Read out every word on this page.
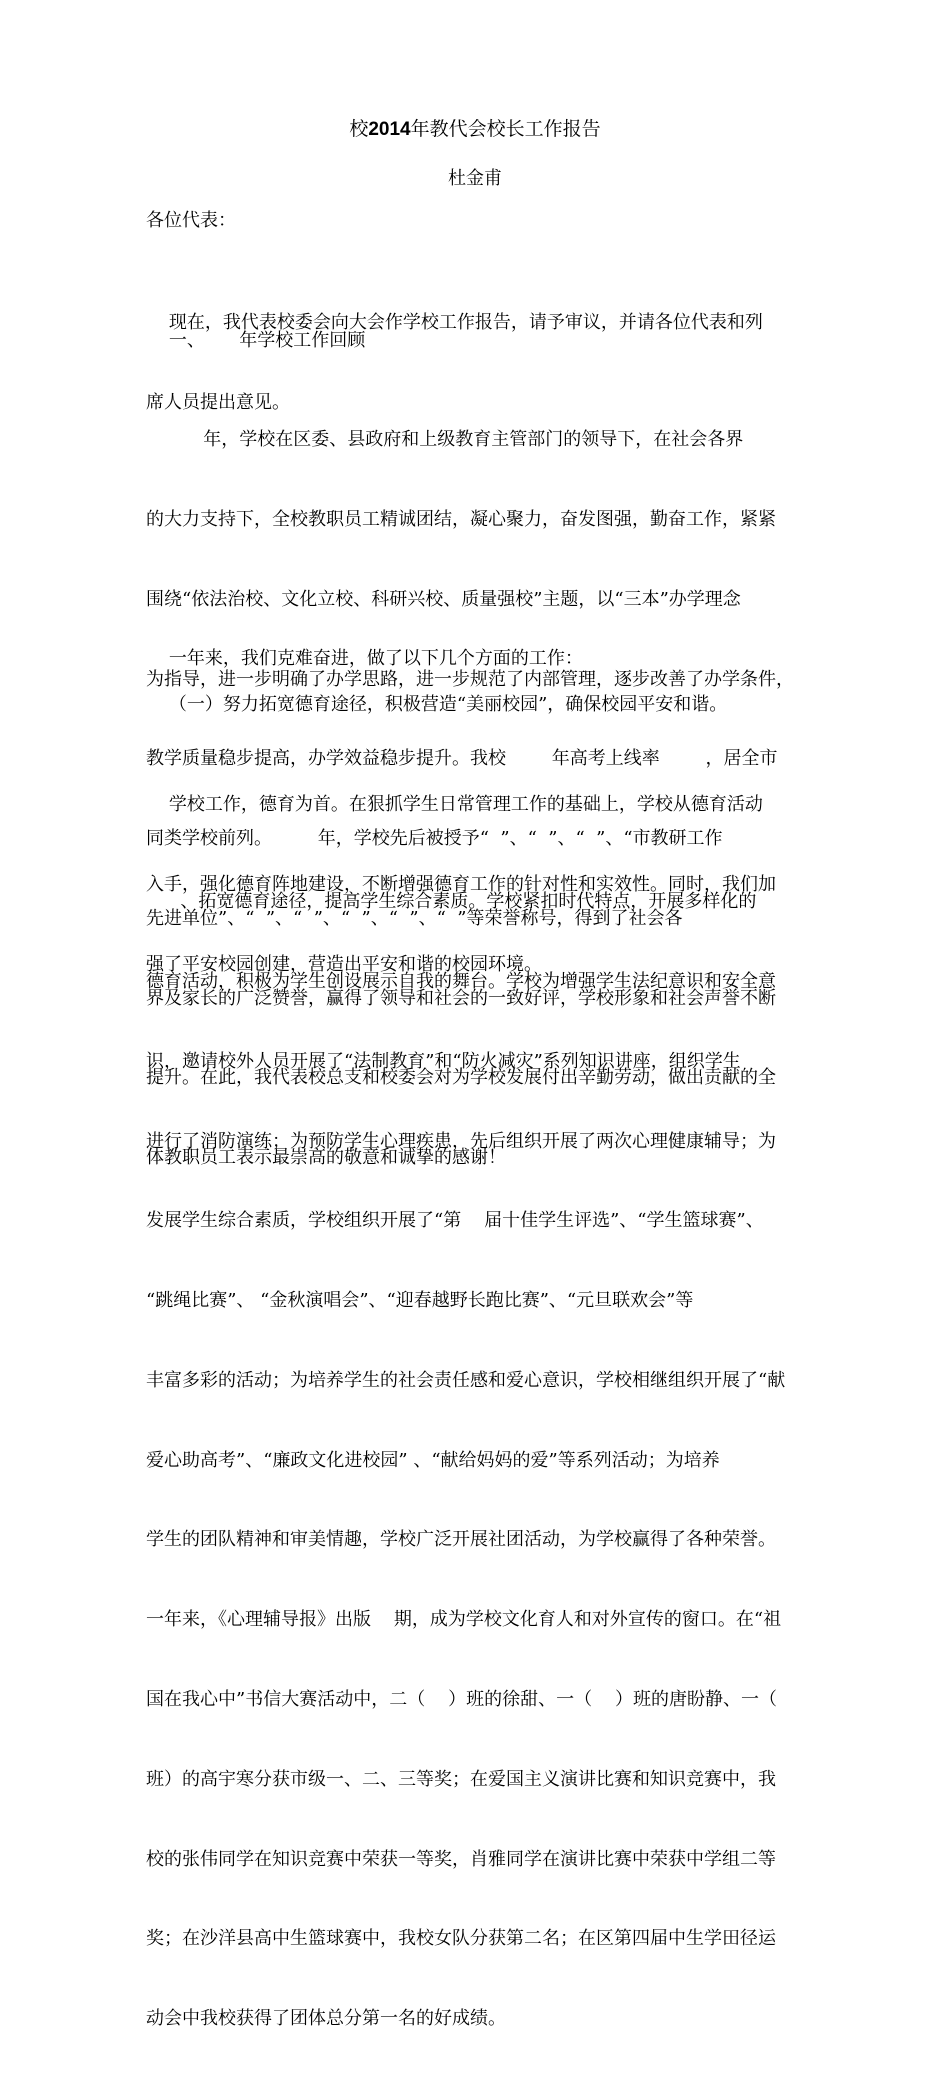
校2014年教代会校长工作报告
杜金甫
各位代表：

现在，我代表校委会向大会作学校工作报告，请予审议，并请各位代表和列

席人员提出意见。

一、      年学校工作回顾

年，学校在区委、县政府和上级教育主管部门的领导下，在社会各界

的大力支持下，全校教职员工精诚团结，凝心聚力，奋发图强，勤奋工作，紧紧

围绕“依法治校、文化立校、科研兴校、质量强校”主题，以“三本”办学理念

为指导，进一步明确了办学思路，进一步规范了内部管理，逐步改善了办学条件，

教学质量稳步提高，办学效益稳步提升。我校        年高考上线率        ，居全市

同类学校前列。        年，学校先后被授予“  ”、“  ”、“  ”、“市教研工作

先进单位”、“  ”、“  ”、“  ”、“  ”、“  ”等荣誉称号，得到了社会各

界及家长的广泛赞誉，赢得了领导和社会的一致好评，学校形象和社会声誉不断

提升。在此，我代表校总支和校委会对为学校发展付出辛勤劳动，做出贡献的全

体教职员工表示最崇高的敬意和诚挚的感谢！

一年来，我们克难奋进，做了以下几个方面的工作：
（一）努力拓宽德育途径，积极营造“美丽校园”，确保校园平安和谐。

学校工作，德育为首。在狠抓学生日常管理工作的基础上，学校从德育活动

入手，强化德育阵地建设，不断增强德育工作的针对性和实效性。同时，我们加

强了平安校园创建，营造出平安和谐的校园环境。

、拓宽德育途径，提高学生综合素质。学校紧扣时代特点，开展多样化的

德育活动，积极为学生创设展示自我的舞台。学校为增强学生法纪意识和安全意

识，邀请校外人员开展了“法制教育”和“防火减灾”系列知识讲座，组织学生

进行了消防演练；为预防学生心理疾患，先后组织开展了两次心理健康辅导；为

发展学生综合素质，学校组织开展了“第    届十佳学生评选”、“学生篮球赛”、

“跳绳比赛”、 “金秋演唱会”、“迎春越野长跑比赛”、“元旦联欢会”等

丰富多彩的活动；为培养学生的社会责任感和爱心意识，学校相继组织开展了“献

爱心助高考”、“廉政文化进校园” 、“献给妈妈的爱”等系列活动；为培养

学生的团队精神和审美情趣，学校广泛开展社团活动，为学校赢得了各种荣誉。

一年来，《心理辅导报》出版    期，成为学校文化育人和对外宣传的窗口。在“祖

国在我心中”书信大赛活动中，二（    ）班的徐甜、一（    ）班的唐盼静、一（

班）的高宇寒分获市级一、二、三等奖；在爱国主义演讲比赛和知识竞赛中，我

校的张伟同学在知识竞赛中荣获一等奖，肖雅同学在演讲比赛中荣获中学组二等

奖；在沙洋县高中生篮球赛中，我校女队分获第二名；在区第四届中生学田径运

动会中我校获得了团体总分第一名的好成绩。
